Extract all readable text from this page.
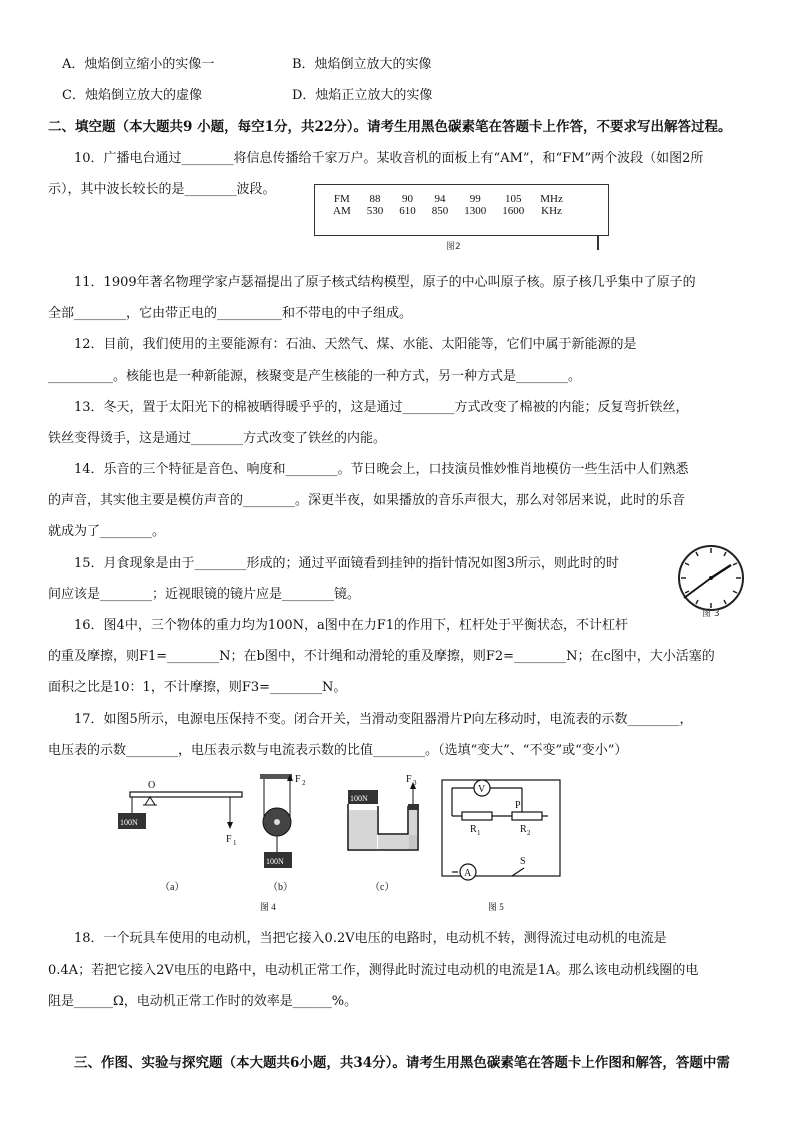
A．烛焰倒立缩小的实像一	B．烛焰倒立放大的实像
C．烛焰倒立放大的虚像	D．烛焰正立放大的实像
二、填空题（本大题共9 小题，每空1分，共22分）。请考生用黑色碳素笔在答题卡上作答，不要求写出解答过程。
10．广播电台通过________将信息传播给千家万户。某收音机的面板上有“AM”，和“FM”两个波段（如图2所
示），其中波长较长的是________波段。
FM	88	90	94	99	105	MHz
AM	530	610	850	1300	1600	KHz
图2
11．1909年著名物理学家卢瑟福提出了原子核式结构模型，原子的中心叫原子核。原子核几乎集中了原子的
全部________，它由带正电的__________和不带电的中子组成。
12．目前，我们使用的主要能源有：石油、天然气、煤、水能、太阳能等，它们中属于新能源的是
__________。核能也是一种新能源，核聚变是产生核能的一种方式，另一种方式是________。
13．冬天，置于太阳光下的棉被晒得暖乎乎的，这是通过________方式改变了棉被的内能；反复弯折铁丝，
铁丝变得烫手，这是通过________方式改变了铁丝的内能。
14．乐音的三个特征是音色、响度和________。节日晚会上，口技演员惟妙惟肖地模仿一些生活中人们熟悉
的声音，其实他主要是模仿声音的________。深更半夜，如果播放的音乐声很大，那么对邻居来说，此时的乐音
就成为了________。
15．月食现象是由于________形成的；通过平面镜看到挂钟的指针情况如图3所示，则此时的时
间应该是________；近视眼镜的镜片应是________镜。
图 3
16．图4中，三个物体的重力均为100N，a图中在力F1的作用下，杠杆处于平衡状态，不计杠杆
的重及摩擦，则F1=________N；在b图中，不计绳和动滑轮的重及摩擦，则F2=________N；在c图中，大小活塞的
面积之比是10：1，不计摩擦，则F3=________N。
17．如图5所示，电源电压保持不变。闭合开关，当滑动变阻器滑片P向左移动时，电流表的示数________，
电压表的示数________，电压表示数与电流表示数的比值________。（选填“变大”、“不变”或“变小”）
O
100N
F 1
（a）
F 2
100N
（b）
100N
F 3
（c）
V
A
P
R 1	R 2
S
图 4	图 5
18．一个玩具车使用的电动机，当把它接入0.2V电压的电路时，电动机不转，测得流过电动机的电流是
0.4A；若把它接入2V电压的电路中，电动机正常工作，测得此时流过电动机的电流是1A。那么该电动机线圈的电
阻是______Ω，电动机正常工作时的效率是______%。
三、作图、实验与探究题（本大题共6小题，共34分）。请考生用黑色碳素笔在答题卡上作图和解答，答题中需
